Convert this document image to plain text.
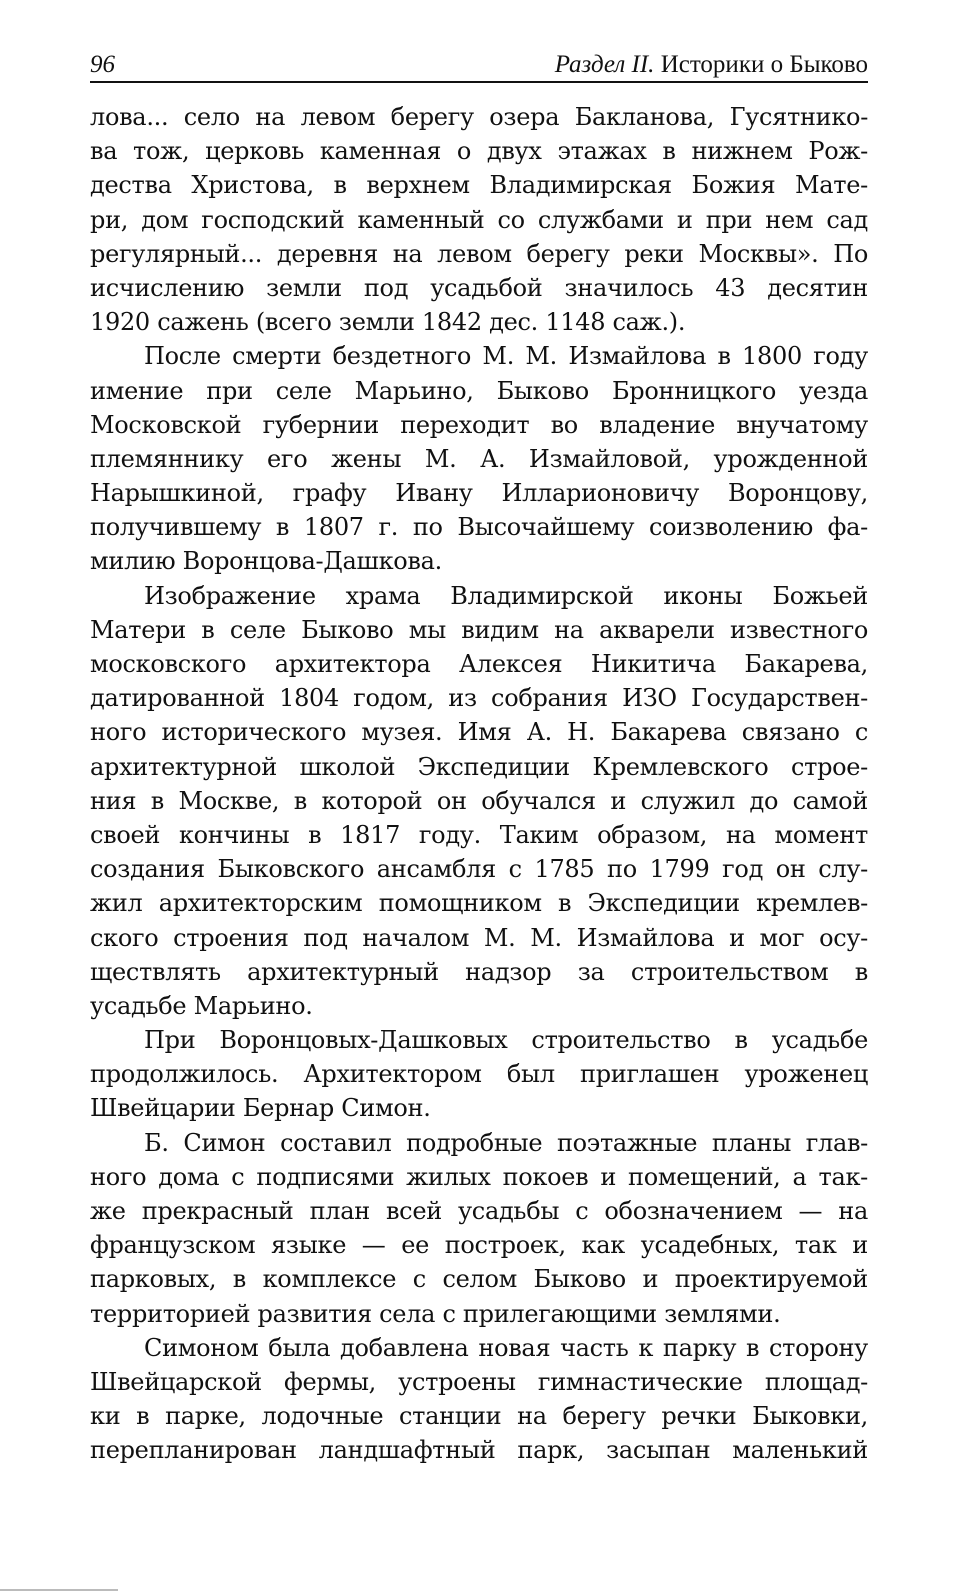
96	Раздел II. Историки о Быково
лова... село на левом берегу озера Бакланова, Гусятнико-
ва тож, церковь каменная о двух этажах в нижнем Рож-
дества Христова, в верхнем Владимирская Божия Мате-
ри, дом господский каменный со службами и при нем сад
регулярный... деревня на левом берегу реки Москвы». По
исчислению земли под усадьбой значилось 43 десятин
1920 сажень (всего земли 1842 дес. 1148 саж.).
После смерти бездетного М. М. Измайлова в 1800 году
имение при селе Марьино, Быково Бронницкого уезда
Московской губернии переходит во владение внучатому
племяннику его жены М. А. Измайловой, урожденной
Нарышкиной, графу Ивану Илларионовичу Воронцову,
получившему в 1807 г. по Высочайшему соизволению фа-
милию Воронцова-Дашкова.
Изображение храма Владимирской иконы Божьей
Матери в селе Быково мы видим на акварели известного
московского архитектора Алексея Никитича Бакарева,
датированной 1804 годом, из собрания ИЗО Государствен-
ного исторического музея. Имя А. Н. Бакарева связано с
архитектурной школой Экспедиции Кремлевского строе-
ния в Москве, в которой он обучался и служил до самой
своей кончины в 1817 году. Таким образом, на момент
создания Быковского ансамбля с 1785 по 1799 год он слу-
жил архитекторским помощником в Экспедиции кремлев-
ского строения под началом М. М. Измайлова и мог осу-
ществлять архитектурный надзор за строительством в
усадьбе Марьино.
При Воронцовых-Дашковых строительство в усадьбе
продолжилось. Архитектором был приглашен уроженец
Швейцарии Бернар Симон.
Б. Симон составил подробные поэтажные планы глав-
ного дома с подписями жилых покоев и помещений, а так-
же прекрасный план всей усадьбы с обозначением — на
французском языке — ее построек, как усадебных, так и
парковых, в комплексе с селом Быково и проектируемой
территорией развития села с прилегающими землями.
Симоном была добавлена новая часть к парку в сторону
Швейцарской фермы, устроены гимнастические площад-
ки в парке, лодочные станции на берегу речки Быковки,
перепланирован ландшафтный парк, засыпан маленький
